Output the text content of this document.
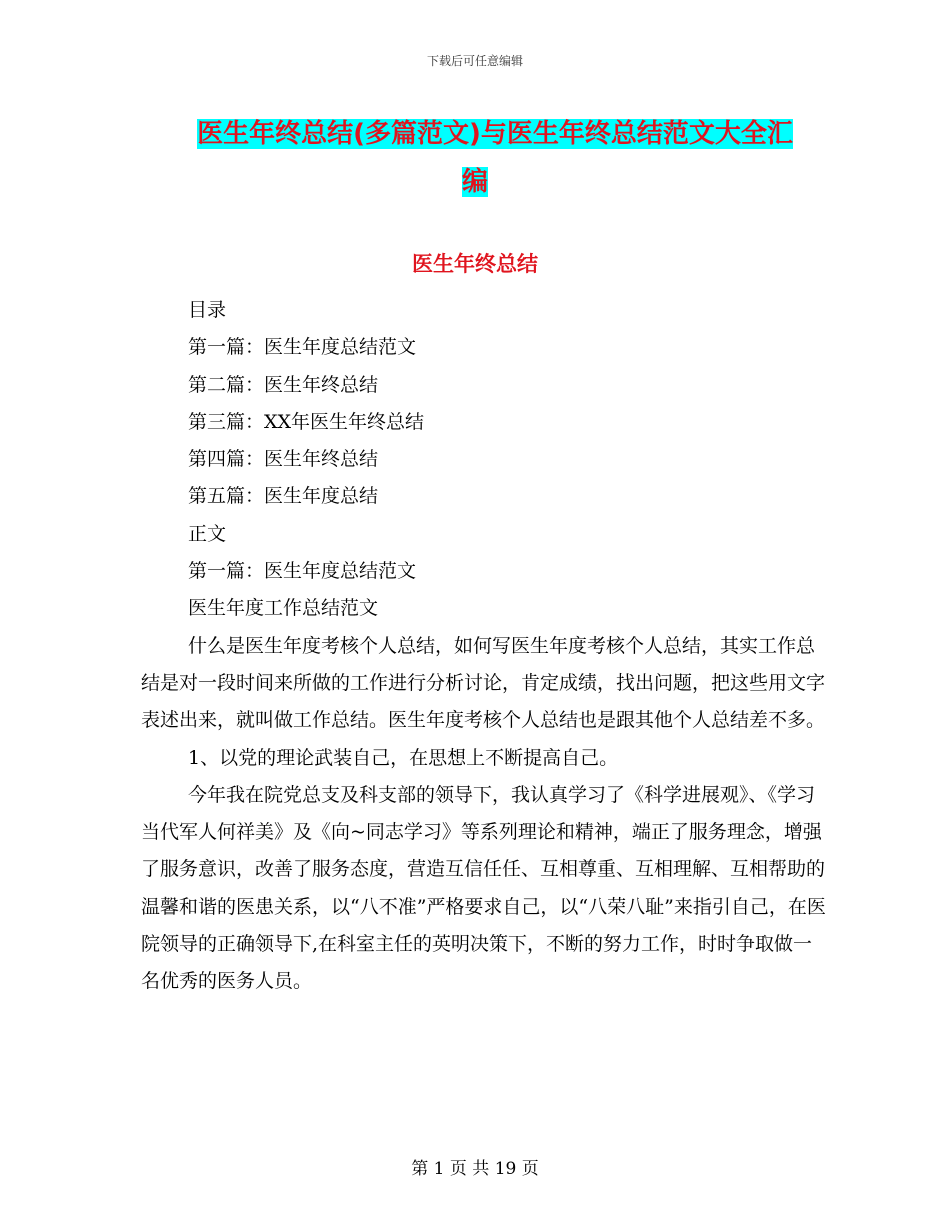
下载后可任意编辑
医生年终总结(多篇范文)与医生年终总结范文大全汇
编
医生年终总结

目录

第一篇：医生年度总结范文

第二篇：医生年终总结

第三篇：XX年医生年终总结

第四篇：医生年终总结

第五篇：医生年度总结

正文

第一篇：医生年度总结范文

医生年度工作总结范文

什么是医生年度考核个人总结，如何写医生年度考核个人总结，其实工作总结是对一段时间来所做的工作进行分析讨论，肯定成绩，找出问题，把这些用文字表述出来，就叫做工作总结。医生年度考核个人总结也是跟其他个人总结差不多。

1、以党的理论武装自己，在思想上不断提高自己。

今年我在院党总支及科支部的领导下，我认真学习了《科学进展观》、《学习当代军人何祥美》及《向~同志学习》等系列理论和精神，端正了服务理念，增强了服务意识，改善了服务态度，营造互信任任、互相尊重、互相理解、互相帮助的温馨和谐的医患关系，以“八不准”严格要求自己，以“八荣八耻”来指引自己，在医院领导的正确领导下,在科室主任的英明决策下，不断的努力工作，时时争取做一名优秀的医务人员。

第 1 页 共 19 页
